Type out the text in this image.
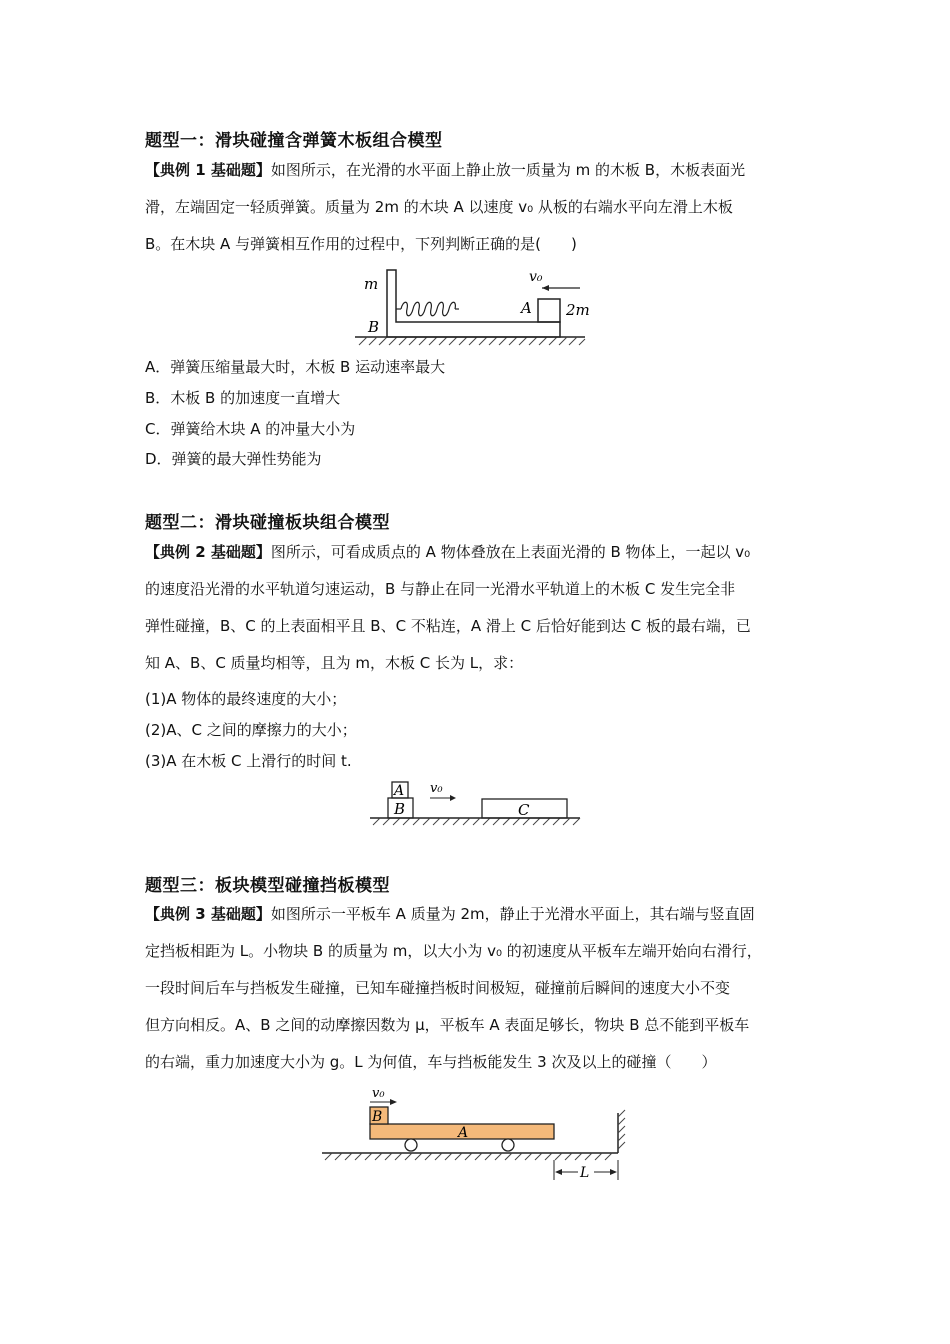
题型一：滑块碰撞含弹簧木板组合模型
【典例 1 基础题】如图所示，在光滑的水平面上静止放一质量为 m 的木板 B，木板表面光
滑，左端固定一轻质弹簧。质量为 2m 的木块 A 以速度 v₀ 从板的右端水平向左滑上木板
B。在木块 A 与弹簧相互作用的过程中，下列判断正确的是(　　)
m
B
A 2m
v₀
A．弹簧压缩量最大时，木板 B 运动速率最大
B．木板 B 的加速度一直增大
C．弹簧给木块 A 的冲量大小为
D．弹簧的最大弹性势能为
题型二：滑块碰撞板块组合模型
【典例 2 基础题】图所示，可看成质点的 A 物体叠放在上表面光滑的 B 物体上，一起以 v₀
的速度沿光滑的水平轨道匀速运动，B 与静止在同一光滑水平轨道上的木板 C 发生完全非
弹性碰撞，B、C 的上表面相平且 B、C 不粘连，A 滑上 C 后恰好能到达 C 板的最右端，已
知 A、B、C 质量均相等，且为 m，木板 C 长为 L，求：
(1)A 物体的最终速度的大小；
(2)A、C 之间的摩擦力的大小；
(3)A 在木板 C 上滑行的时间 t.
A
B	C
v₀
题型三：板块模型碰撞挡板模型
【典例 3 基础题】如图所示一平板车 A 质量为 2m，静止于光滑水平面上，其右端与竖直固
定挡板相距为 L。小物块 B 的质量为 m，以大小为 v₀ 的初速度从平板车左端开始向右滑行，
一段时间后车与挡板发生碰撞，已知车碰撞挡板时间极短，碰撞前后瞬间的速度大小不变
但方向相反。A、B 之间的动摩擦因数为 μ，平板车 A 表面足够长，物块 B 总不能到平板车
的右端，重力加速度大小为 g。L 为何值，车与挡板能发生 3 次及以上的碰撞（　　）
B
A
L
v₀
